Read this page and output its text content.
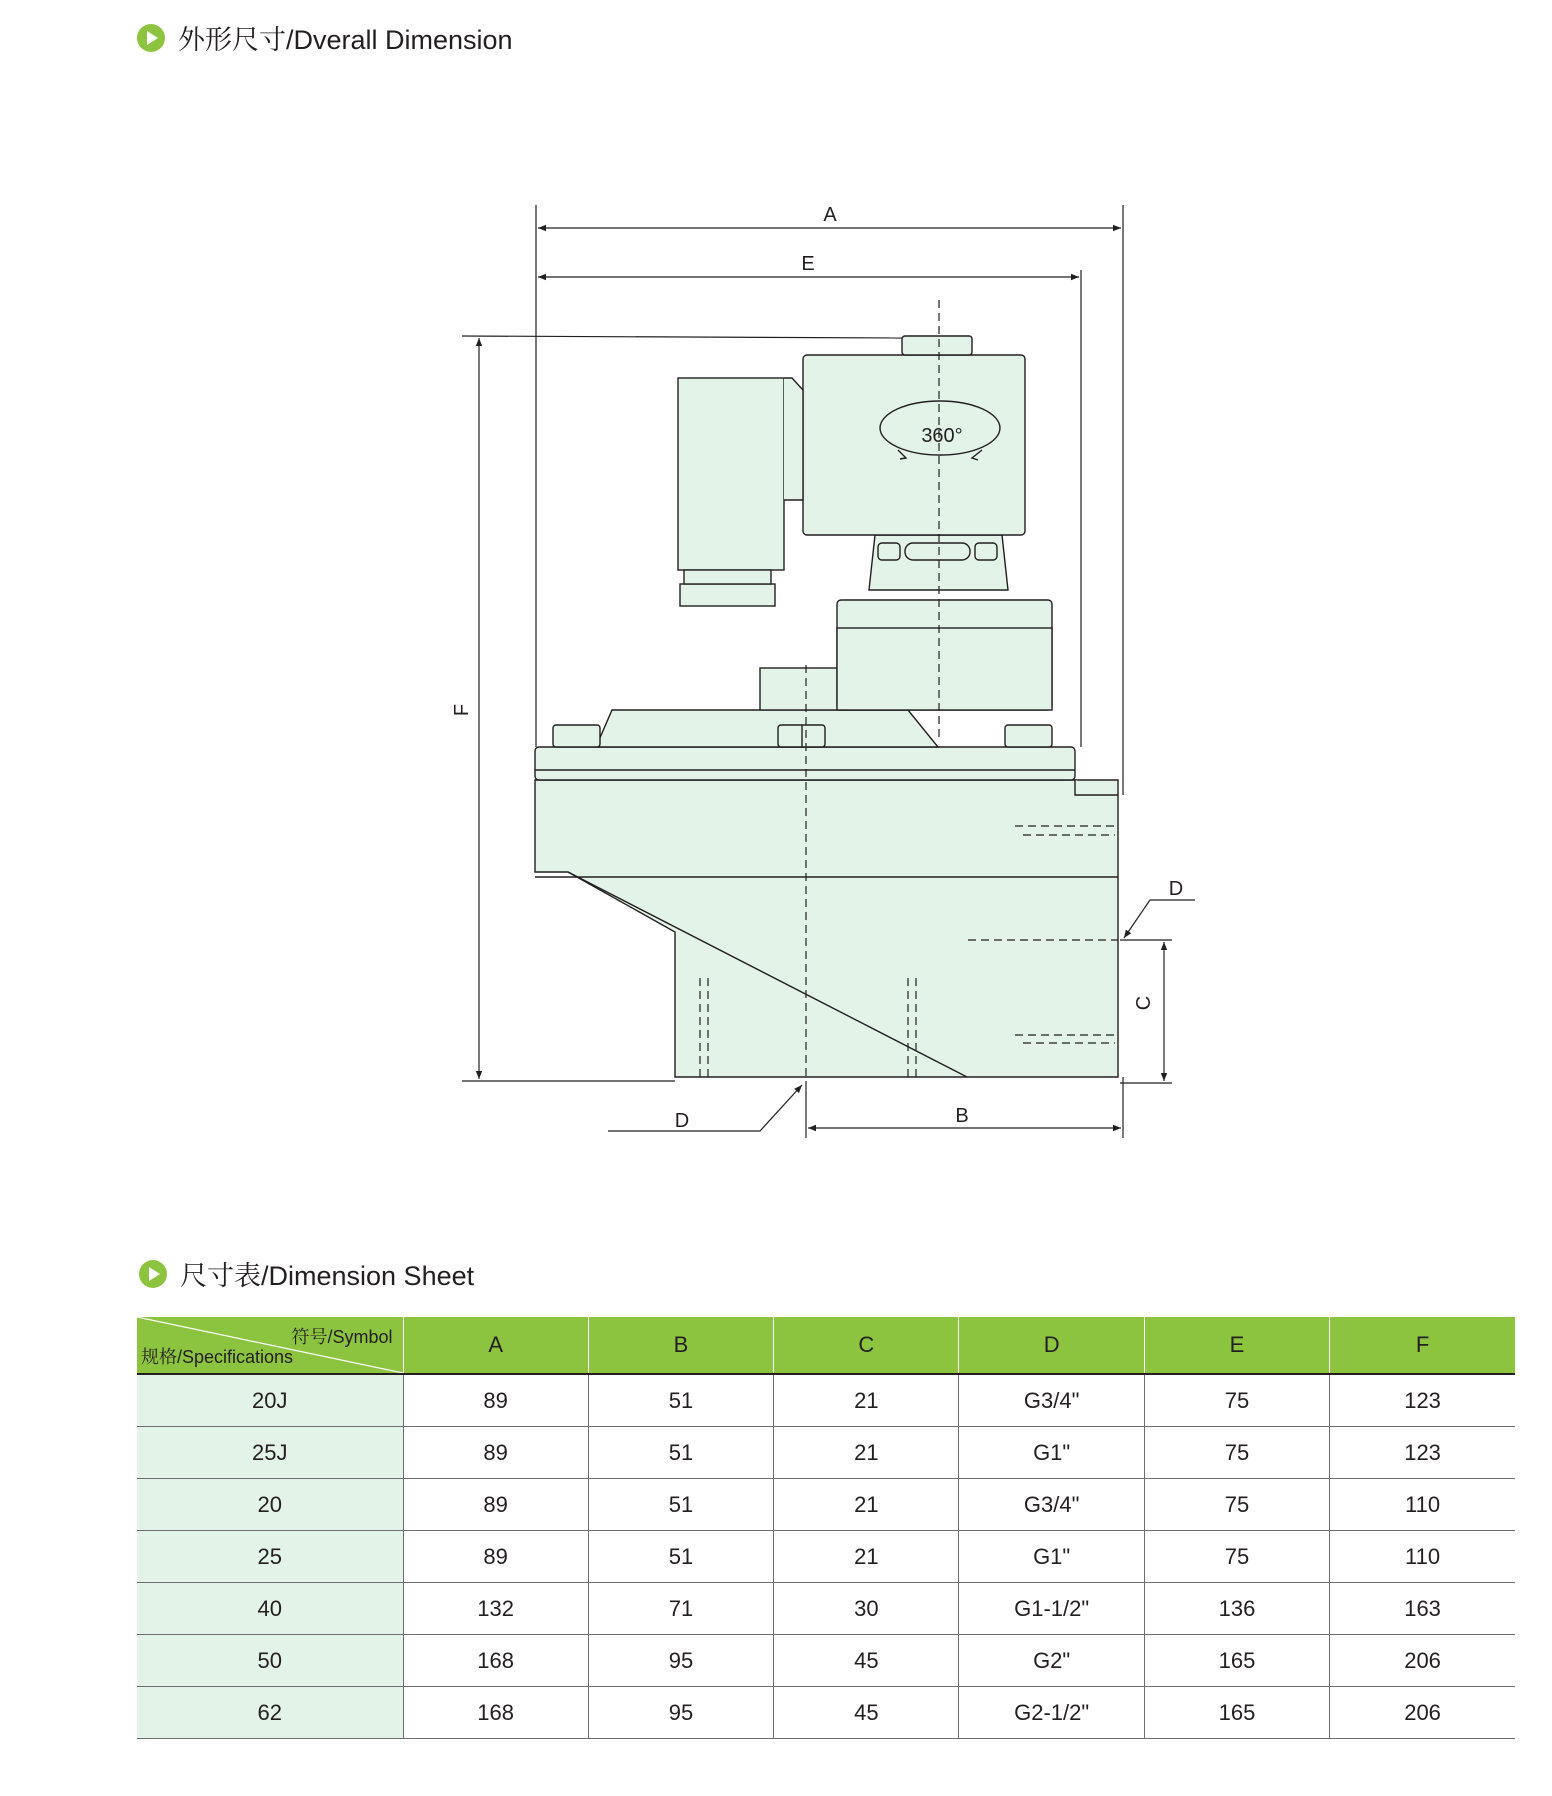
外形尺寸/Dverall Dimension
A
E
F
D
C
D	B
360°
尺寸表/Dimension Sheet
符号/Symbol
规格/Specifications	A	B	C	D	E	F
20J	89	51	21	G3/4"	75	123
25J	89	51	21	G1"	75	123
20	89	51	21	G3/4"	75	110
25	89	51	21	G1"	75	110
40	132	71	30	G1-1/2"	136	163
50	168	95	45	G2"	165	206
62	168	95	45	G2-1/2"	165	206
